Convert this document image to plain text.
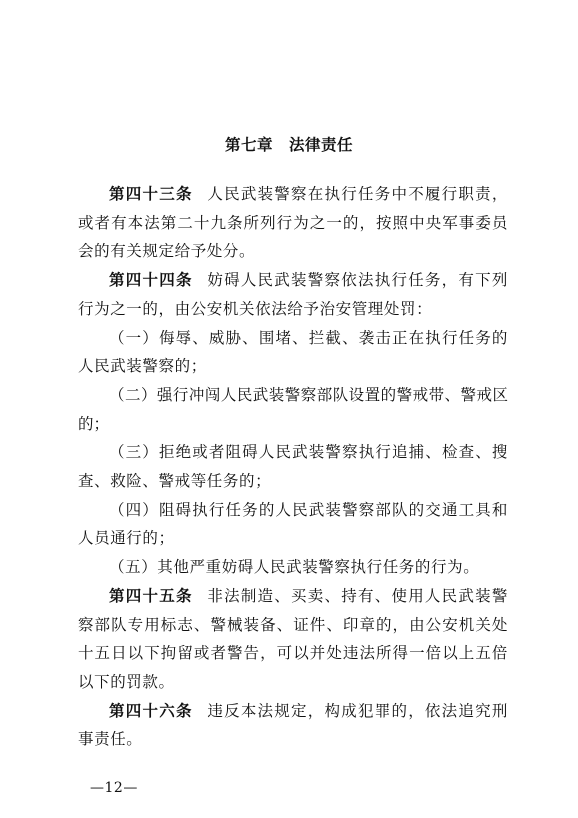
第七章 法律责任

第四十三条 人民武装警察在执行任务中不履行职责，或者有本法第二十九条所列行为之一的，按照中央军事委员会的有关规定给予处分。

第四十四条 妨碍人民武装警察依法执行任务，有下列行为之一的，由公安机关依法给予治安管理处罚：

（一）侮辱、威胁、围堵、拦截、袭击正在执行任务的人民武装警察的；

（二）强行冲闯人民武装警察部队设置的警戒带、警戒区的；

（三）拒绝或者阻碍人民武装警察执行追捕、检查、搜查、救险、警戒等任务的；

（四）阻碍执行任务的人民武装警察部队的交通工具和人员通行的；

（五）其他严重妨碍人民武装警察执行任务的行为。

第四十五条 非法制造、买卖、持有、使用人民武装警察部队专用标志、警械装备、证件、印章的，由公安机关处十五日以下拘留或者警告，可以并处违法所得一倍以上五倍以下的罚款。

第四十六条 违反本法规定，构成犯罪的，依法追究刑事责任。

—12—
